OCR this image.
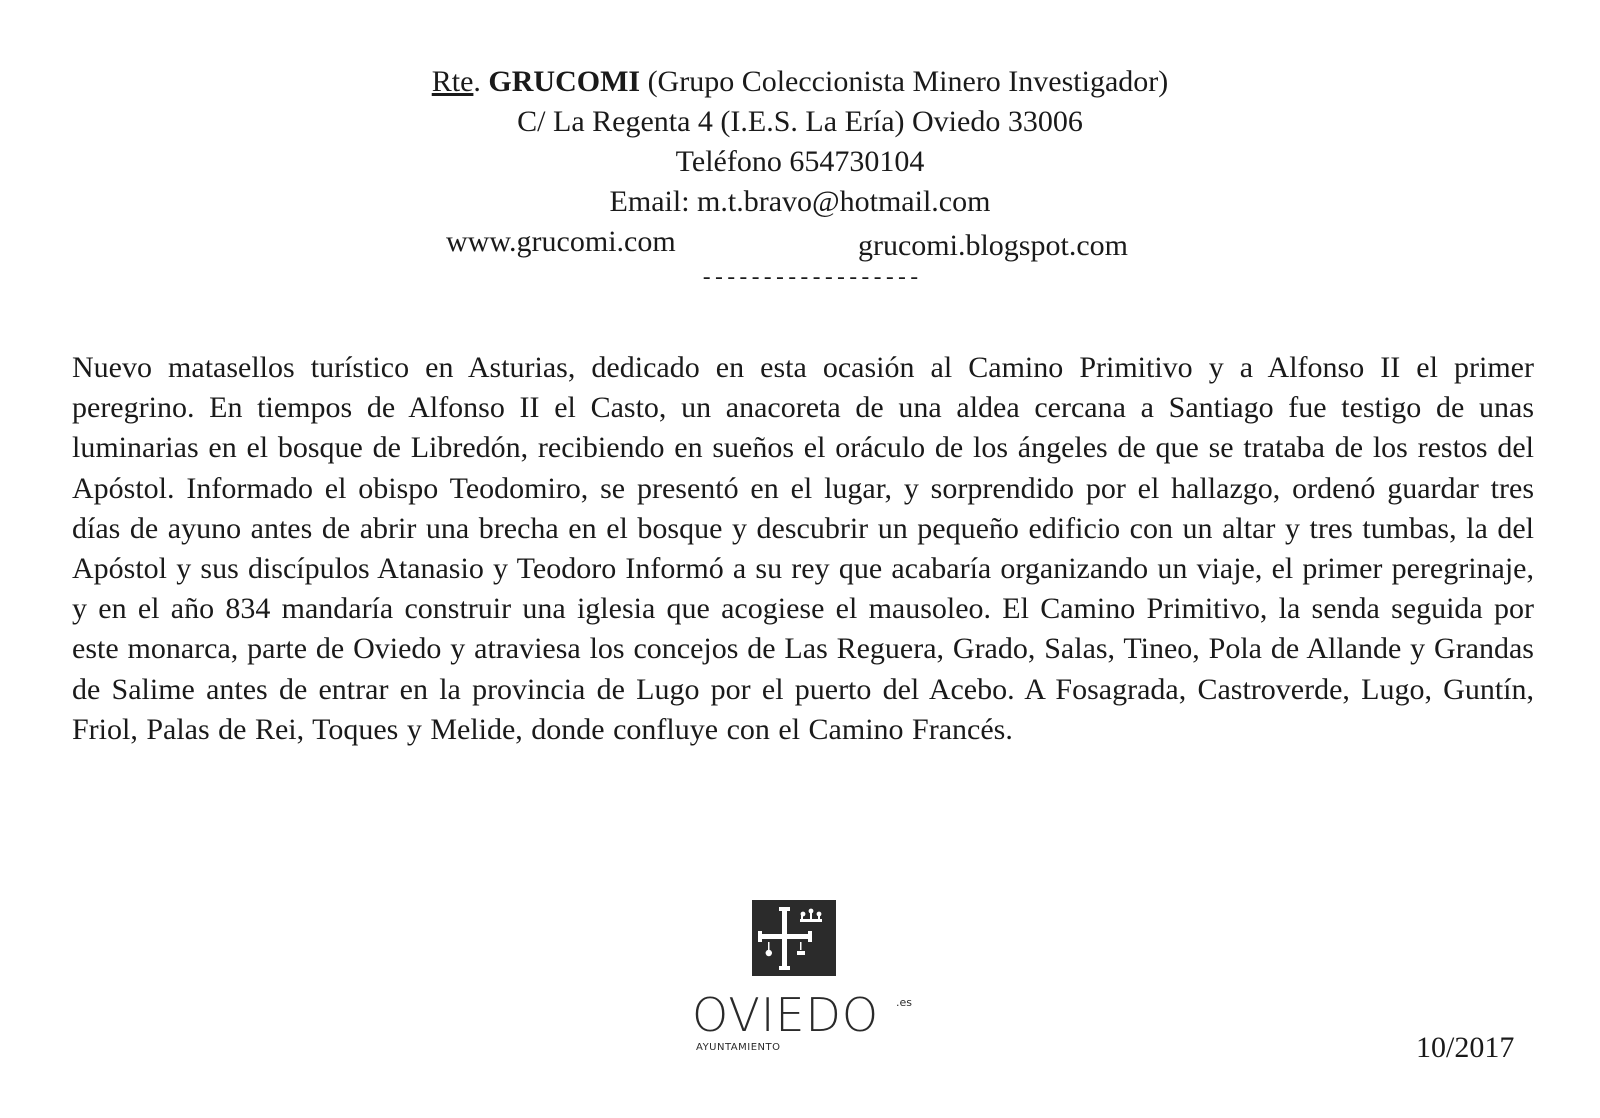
Rte. GRUCOMI (Grupo Coleccionista Minero Investigador)
C/ La Regenta 4 (I.E.S. La Ería) Oviedo 33006
Teléfono 654730104
Email: m.t.bravo@hotmail.com
www.grucomi.com	grucomi.blogspot.com
------------------

Nuevo matasellos turístico en Asturias, dedicado en esta ocasión al Camino Primitivo y a Alfonso II el primer peregrino. En tiempos de Alfonso II el Casto, un anacoreta de una aldea cercana a Santiago fue testigo de unas luminarias en el bosque de Libredón, recibiendo en sueños el oráculo de los ángeles de que se trataba de los restos del Apóstol. Informado el obispo Teodomiro, se presentó en el lugar, y sorprendido por el hallazgo, ordenó guardar tres días de ayuno antes de abrir una brecha en el bosque y descubrir un pequeño edificio con un altar y tres tumbas, la del Apóstol y sus discípulos Atanasio y Teodoro Informó a su rey que acabaría organizando un viaje, el primer peregrinaje, y en el año 834 mandaría construir una iglesia que acogiese el mausoleo. El Camino Primitivo, la senda seguida por este monarca, parte de Oviedo y atraviesa los concejos de Las Reguera, Grado, Salas, Tineo, Pola de Allande y Grandas de Salime antes de entrar en la provincia de Lugo por el puerto del Acebo. A Fosagrada, Castroverde, Lugo, Guntín, Friol, Palas de Rei, Toques y Melide, donde confluye con el Camino Francés.

OVIEDO .es
AYUNTAMIENTO	10/2017
